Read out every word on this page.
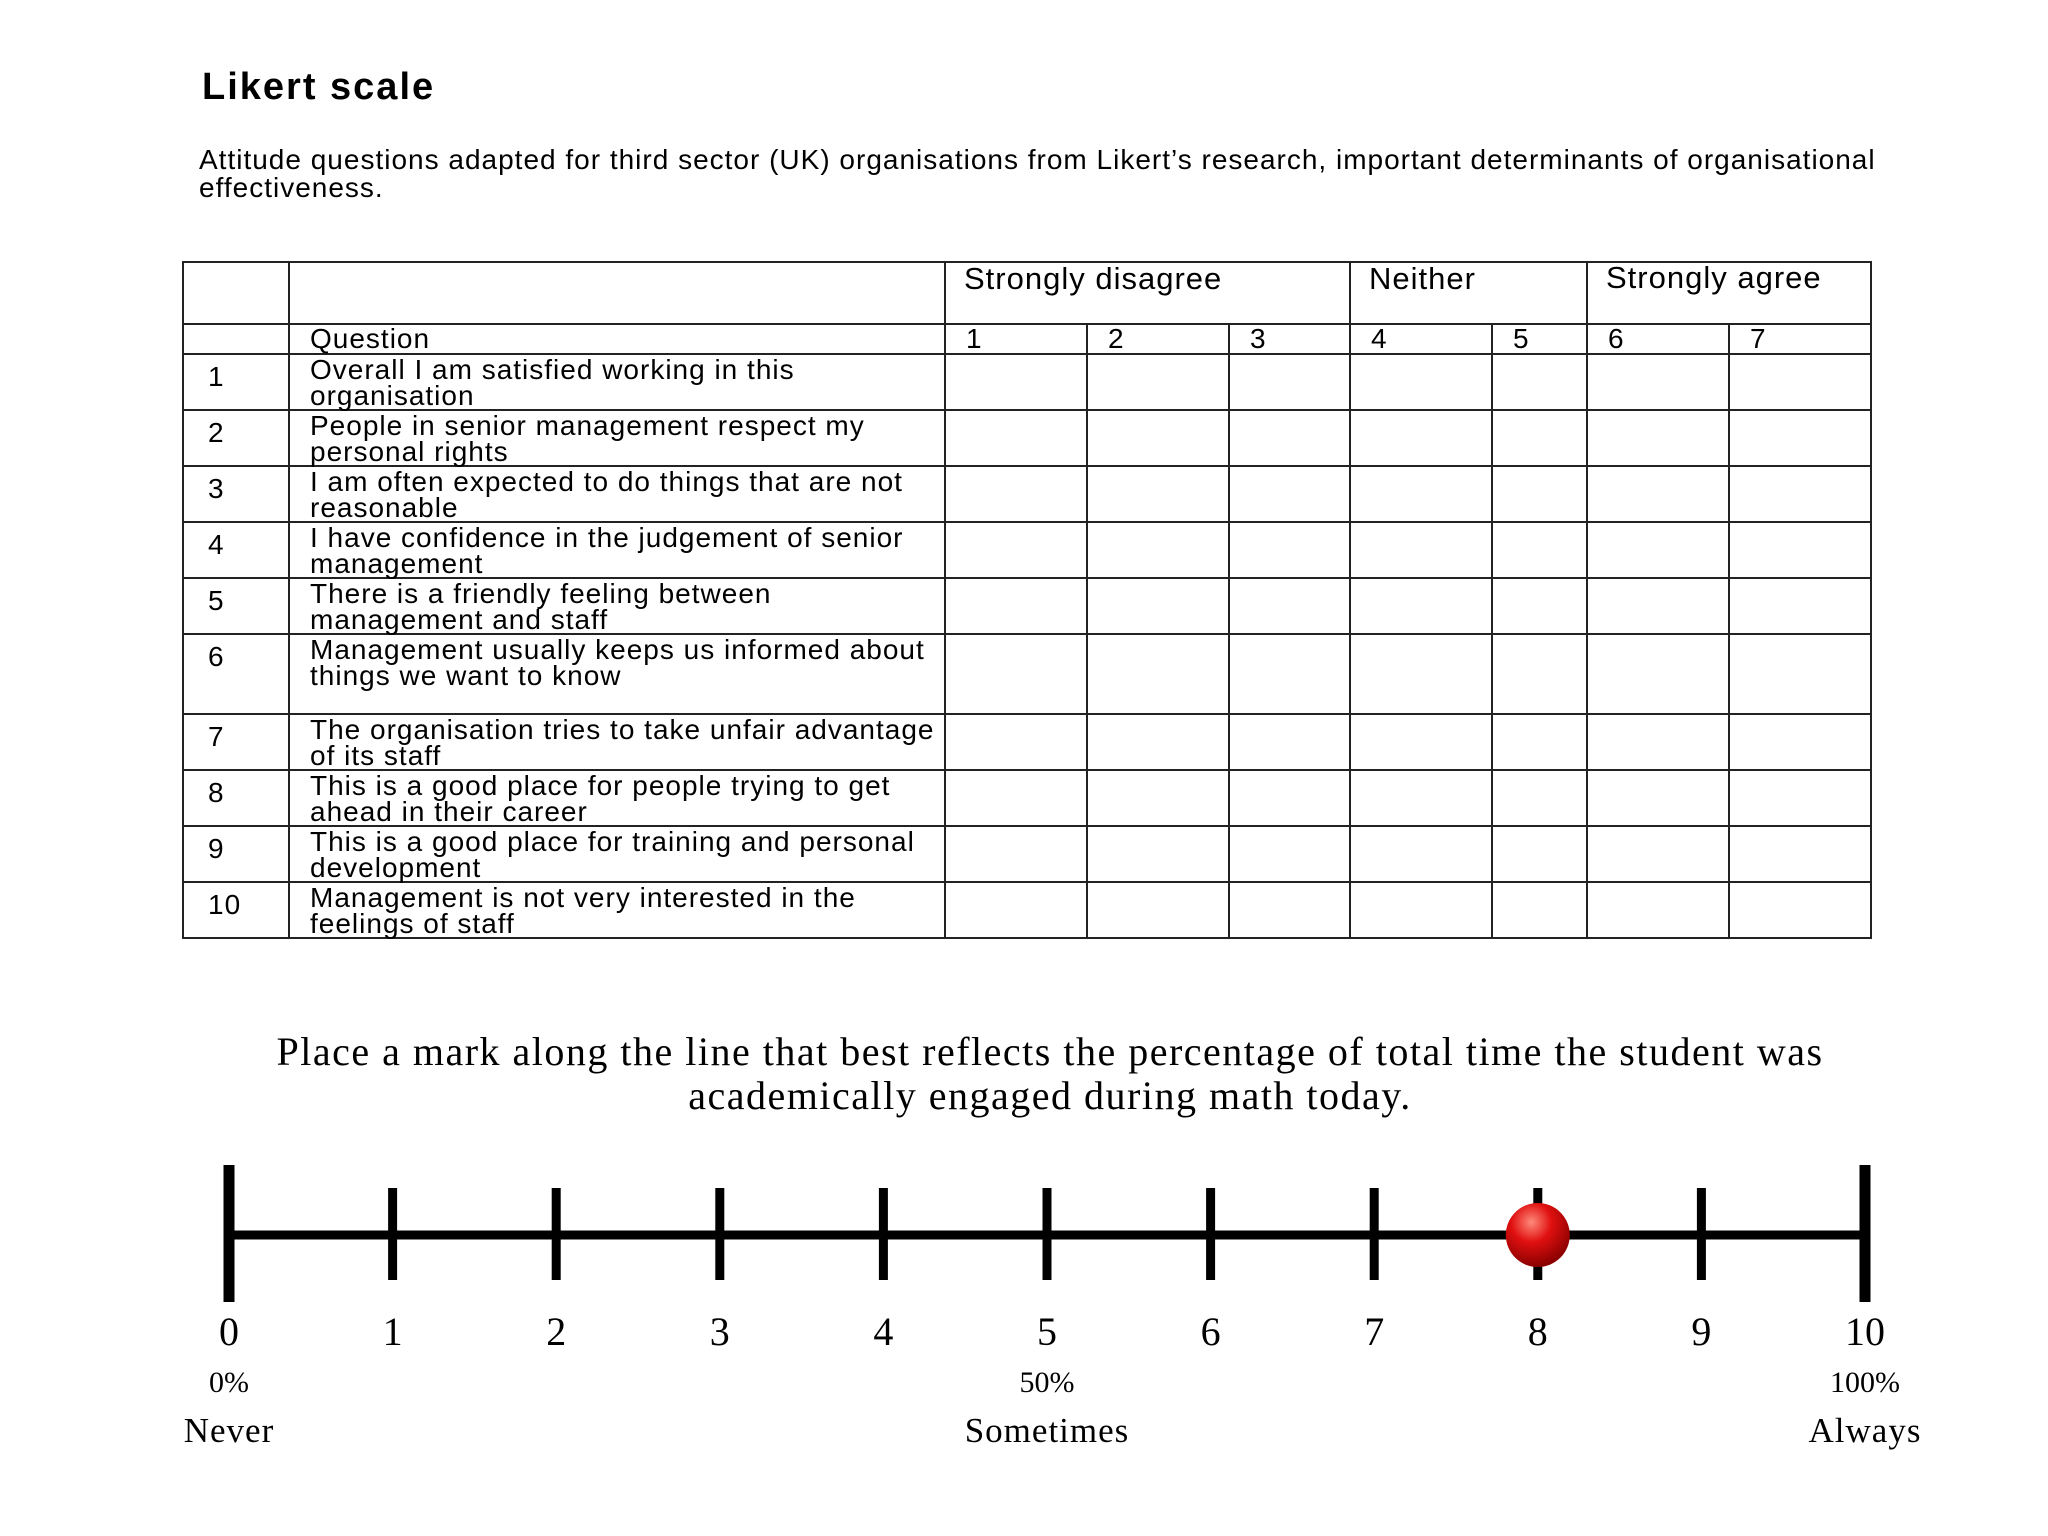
Likert scale
Attitude questions adapted for third sector (UK) organisations from Likert’s research, important determinants of organisational effectiveness.
		Strongly disagree			Neither		Strongly agree	
	Question	1	2	3	4	5	6	7
1	Overall I am satisfied working in this organisation							
2	People in senior management respect my personal rights							
3	I am often expected to do things that are not reasonable							
4	I have confidence in the judgement of senior management							
5	There is a friendly feeling between management and staff							
6	Management usually keeps us informed about things we want to know							
7	The organisation tries to take unfair advantage of its staff							
8	This is a good place for people trying to get ahead in their career							
9	This is a good place for training and personal development							
10	Management is not very interested in the feelings of staff							
Place a mark along the line that best reflects the percentage of total time the student was academically engaged during math today.
0	1	2	3	4	5	6	7	8	9	10
0%	50%	100%
Never	Sometimes	Always
